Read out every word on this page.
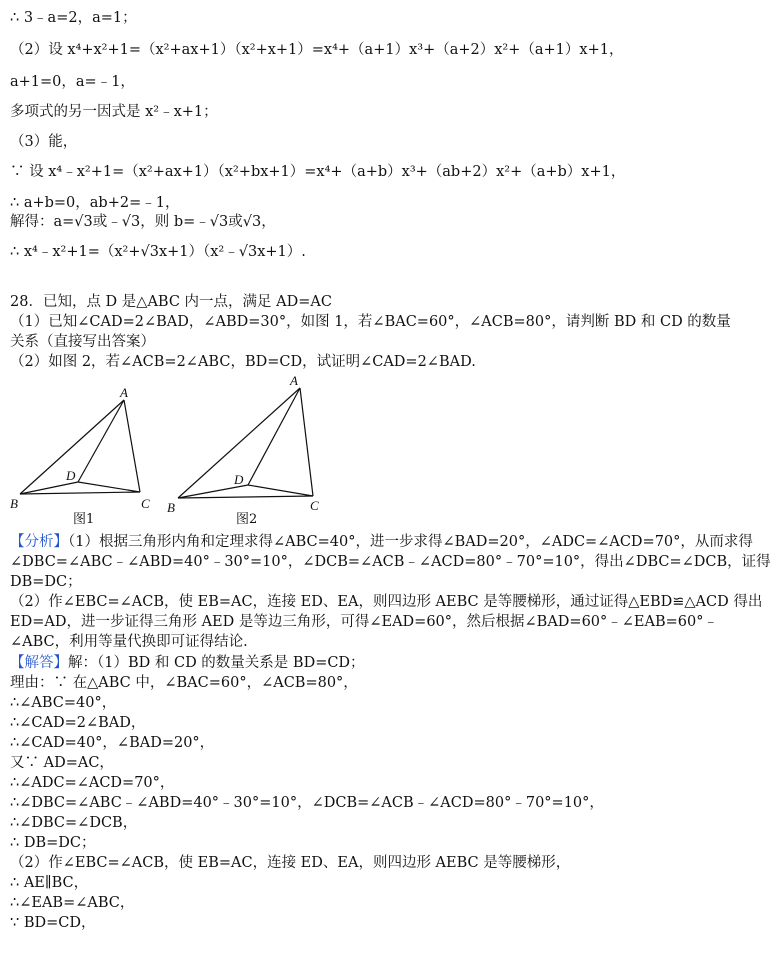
∴ 3﹣a=2，a=1；
（2）设 x⁴+x²+1=（x²+ax+1）（x²+x+1）=x⁴+（a+1）x³+（a+2）x²+（a+1）x+1，
a+1=0，a=﹣1，
多项式的另一因式是 x²﹣x+1；
（3）能，
∵ 设 x⁴﹣x²+1=（x²+ax+1）（x²+bx+1）=x⁴+（a+b）x³+（ab+2）x²+（a+b）x+1，
∴ a+b=0，ab+2=﹣1，
解得：a=√3或﹣√3，则 b=﹣√3或√3，
∴ x⁴﹣x²+1=（x²+√3x+1）（x²﹣√3x+1）.
28．已知，点 D 是△ABC 内一点，满足 AD=AC
（1）已知∠CAD=2∠BAD，∠ABD=30°，如图 1，若∠BAC=60°，∠ACB=80°，请判断 BD 和 CD 的数量
关系（直接写出答案）
（2）如图 2，若∠ACB=2∠ABC，BD=CD，试证明∠CAD=2∠BAD.
A
B	C
D
图1
A
B	C
D
图2
【分析】（1）根据三角形内角和定理求得∠ABC=40°，进一步求得∠BAD=20°，∠ADC=∠ACD=70°，从而求得∠DBC=∠ABC﹣∠ABD=40°﹣30°=10°，∠DCB=∠ACB﹣∠ACD=80°﹣70°=10°，得出∠DBC=∠DCB，证得 DB=DC；
（2）作∠EBC=∠ACB，使 EB=AC，连接 ED、EA，则四边形 AEBC 是等腰梯形，通过证得△EBD≌△ACD 得出 ED=AD，进一步证得三角形 AED 是等边三角形，可得∠EAD=60°，然后根据∠BAD=60°﹣∠EAB=60°﹣∠ABC，利用等量代换即可证得结论.
【解答】解：（1）BD 和 CD 的数量关系是 BD=CD；
理由：∵ 在△ABC 中，∠BAC=60°，∠ACB=80°，
∴∠ABC=40°，
∴∠CAD=2∠BAD，
∴∠CAD=40°，∠BAD=20°，
又∵ AD=AC，
∴∠ADC=∠ACD=70°，
∴∠DBC=∠ABC﹣∠ABD=40°﹣30°=10°，∠DCB=∠ACB﹣∠ACD=80°﹣70°=10°，
∴∠DBC=∠DCB，
∴ DB=DC；
（2）作∠EBC=∠ACB，使 EB=AC，连接 ED、EA，则四边形 AEBC 是等腰梯形，
∴ AE∥BC，
∴∠EAB=∠ABC，
∵ BD=CD，
